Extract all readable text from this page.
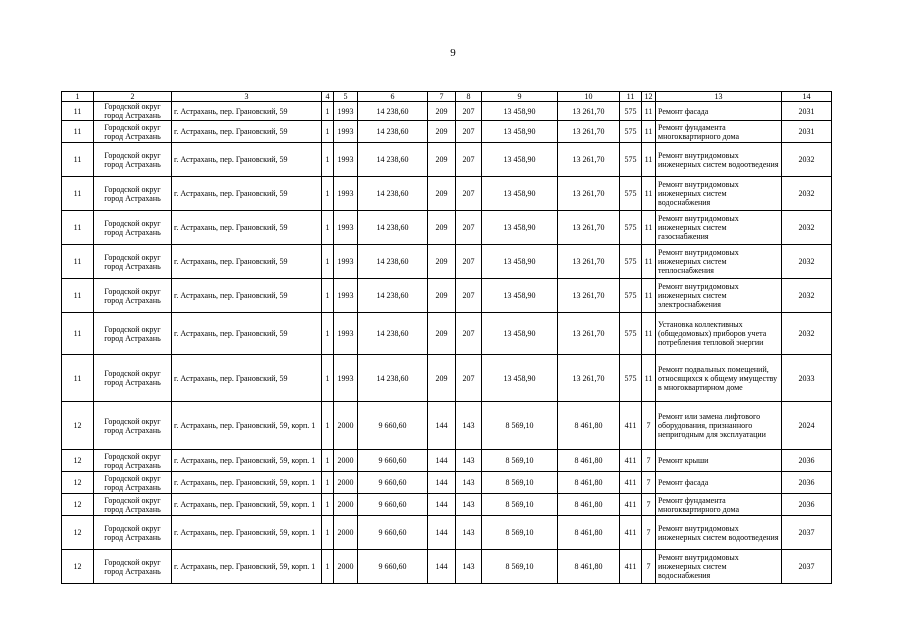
9
1	2	3	4	5	6	7	8	9	10	11	12	13	14
11	Городской округ город Астрахань	г. Астрахань, пер. Грановский, 59	1	1993	14 238,60	209	207	13 458,90	13 261,70	575	11	Ремонт фасада	2031
11	Городской округ город Астрахань	г. Астрахань, пер. Грановский, 59	1	1993	14 238,60	209	207	13 458,90	13 261,70	575	11	Ремонт фундамента многоквартирного дома	2031
11	Городской округ город Астрахань	г. Астрахань, пер. Грановский, 59	1	1993	14 238,60	209	207	13 458,90	13 261,70	575	11	Ремонт внутридомовых инженерных систем водоотведения	2032
11	Городской округ город Астрахань	г. Астрахань, пер. Грановский, 59	1	1993	14 238,60	209	207	13 458,90	13 261,70	575	11	Ремонт внутридомовых инженерных систем водоснабжения	2032
11	Городской округ город Астрахань	г. Астрахань, пер. Грановский, 59	1	1993	14 238,60	209	207	13 458,90	13 261,70	575	11	Ремонт внутридомовых инженерных систем газоснабжения	2032
11	Городской округ город Астрахань	г. Астрахань, пер. Грановский, 59	1	1993	14 238,60	209	207	13 458,90	13 261,70	575	11	Ремонт внутридомовых инженерных систем теплоснабжения	2032
11	Городской округ город Астрахань	г. Астрахань, пер. Грановский, 59	1	1993	14 238,60	209	207	13 458,90	13 261,70	575	11	Ремонт внутридомовых инженерных систем электроснабжения	2032
11	Городской округ город Астрахань	г. Астрахань, пер. Грановский, 59	1	1993	14 238,60	209	207	13 458,90	13 261,70	575	11	Установка коллективных (общедомовых) приборов учета потребления тепловой энергии	2032
11	Городской округ город Астрахань	г. Астрахань, пер. Грановский, 59	1	1993	14 238,60	209	207	13 458,90	13 261,70	575	11	Ремонт подвальных помещений, относящихся к общему имуществу в многоквартирном доме	2033
12	Городской округ город Астрахань	г. Астрахань, пер. Грановский, 59, корп. 1	1	2000	9 660,60	144	143	8 569,10	8 461,80	411	7	Ремонт или замена лифтового оборудования, признанного непригодным для эксплуатации	2024
12	Городской округ город Астрахань	г. Астрахань, пер. Грановский, 59, корп. 1	1	2000	9 660,60	144	143	8 569,10	8 461,80	411	7	Ремонт крыши	2036
12	Городской округ город Астрахань	г. Астрахань, пер. Грановский, 59, корп. 1	1	2000	9 660,60	144	143	8 569,10	8 461,80	411	7	Ремонт фасада	2036
12	Городской округ город Астрахань	г. Астрахань, пер. Грановский, 59, корп. 1	1	2000	9 660,60	144	143	8 569,10	8 461,80	411	7	Ремонт фундамента многоквартирного дома	2036
12	Городской округ город Астрахань	г. Астрахань, пер. Грановский, 59, корп. 1	1	2000	9 660,60	144	143	8 569,10	8 461,80	411	7	Ремонт внутридомовых инженерных систем водоотведения	2037
12	Городской округ город Астрахань	г. Астрахань, пер. Грановский, 59, корп. 1	1	2000	9 660,60	144	143	8 569,10	8 461,80	411	7	Ремонт внутридомовых инженерных систем водоснабжения	2037
